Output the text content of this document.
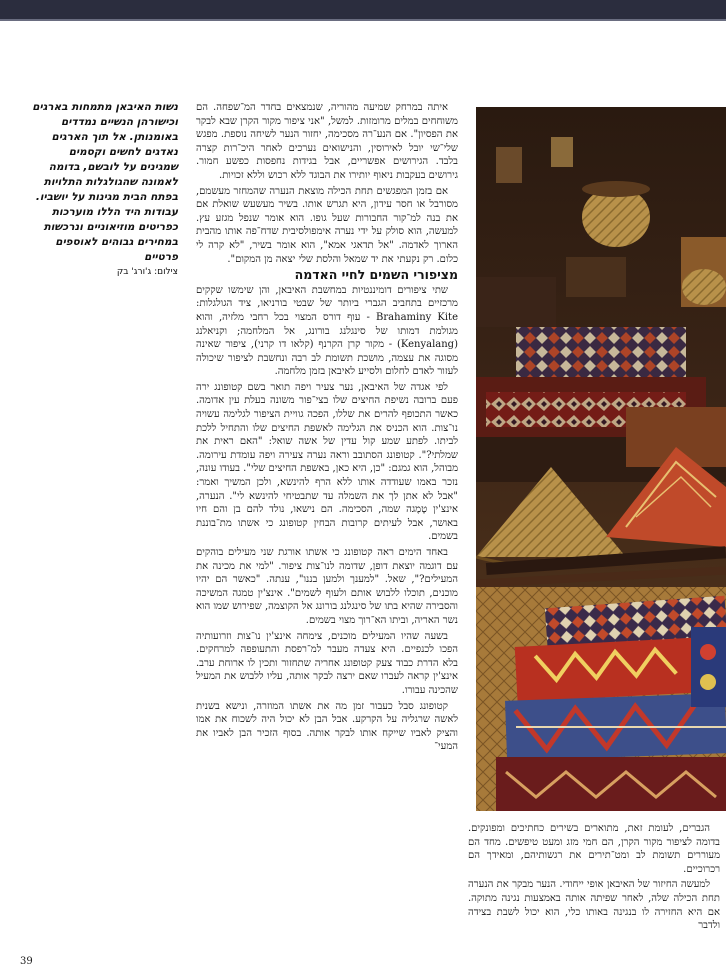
נשות האיבאן מתמחות בארגים וכישורהן הנשיים נמדדים באומנותן. אל תוך הארגים נאדגים לחשים וקסמים שמגינים על לובשם, בדומה לאמונה שהגולגלות התלויות בפתח הבית מגינות על יושביו. עבודות היד הללו מוערכות כפריטים מוזיאוניים ונרכשות במחירים גבוהים לאוספים פרטיים

צילום: ג'ורג' בק

איתה במרחק שמיעה מהוריה, שנמצאים בחדר המ־שפחה. הם משוחחים במלים מרומזות. למשל, "אני ציפור מקור הקרן שבא לבקר את הפסיון". אם הנע־רה מסכימה, יחזור הנער לשיחה נוספת. מפגש שלי־שי יובל לאירוסין, והנישואים נערכים לאחר היכ־רות קצרה בלבד. הגירושים אפשריים, אבל בגידות נחפסות כפשע חמור. גירושים בעקבות ניאוף יותירו את הבוגד ללא רכוש וללא זכויות.

אם בזמן המפגשים תחת הכילה מוצאת הנערה שהמחזר מעשמם, מסורבל או חסר עידון, היא תגרש אותו. בשיר מעשעש שואלת אם את בנה למ־קור החבורות שעל גופו. הוא אומר שנפל מגזע עץ. למעשה, הוא סולק על ידי נערה אימפולסיבית שדח־פה אותו מהבית הארוך לאדמה. "אל תדאגי אמא", הוא אומר בשיר, "לא קרה לי כלום. רק נקעתי את יד שמאל והלסת שלי יצאה מן המקום".

מציפורי השמים לחיי האדמה

שתי ציפורים דומיננטיות במחשבת האיבאן, והן שימשו שקקים מרכזיים בתחביב הגברי ביותר של שבטי בורניאו, ציד הגולגלות: Brahaminy Kite - עוף דורס המצוי בכל רחבי מלזיה, והוא מגולמת דמותו של סינגלנג בורונג, אל המלחמה; וקניאלנג (Kenyalang) - מקור קרן הקרנף (קלאו דו קרני), ציפור שאינה מסוגה את עצמה, מושכת תשומת לב רבה ונחשבת לציפור שיכולה לעזור לאדם לחלום ולסייע לאיבאן בזמן מלחמה.

לפי אגדה של האיבאן, נער צעיר ויפה תואר בשם קטופונג ירה פעם ברובה נשיפת החיצים שלו בצי־פור משונה בעלת עין אדומה. כאשר התכופף להרים את שללו, הפכה גוויית הציפור לגלימה עשויה נו־צות. הוא הכניס את הגלימה לאשפת החיצים שלו והתחיל ללכת לביתו. לפתע שמע קול עדין של אשה שואל: "האם ראית את שמלתי?". קטופונג הסתובב וראה נערה צעירה ויפה עומדת עירומה. מבוהל, הוא גמגם: "כן, היא כאן, באשפת החיצים שלי". בעודו עונה, נזכר באמו שעודדה אותו ללא הרף להינשא, ולכן המשיך ואמר: "אבל לא אתן לך את השמלה עד שתבטיחי להינשא לי". הנערה, אינצ'ין טֶמֶגה שמה, הסכימה. הם נישאו, נולד להם בן והם חיו באושר, אבל לעיתים קרובות הבחין קטופונג כי אשתו מת־בוננת בשמים.

באחד הימים ראה קטופונג כי אשתו אורגת שני מעילים בוהקים עם דוגמה יוצאת דופן, שדומה לנו־צות ציפור. "למי את מכינה את המעילים?", שאל. "למענך ולמען בננו", ענתה. "כאשר הם יהיו מוכנים, תוכלו ללבוש אותם ולעוף לשמים". אינצ'ין טמגה המשיכה והסבירה שהיא בתו של סינגלנג בורונג אל הקוצמה, שפירוש שמו הוא נשר האריה, וביתו הא־רוך מצוי בשמים.

בשעה שהיו המעילים מוכנים, צימחה אינצ'ין נו־צות וזרועותיה הפכו לכנפיים. היא צעדה מעבר למ־רפסת והתעופפה למרחקים. בלא הדרת כבוד צעק קטופונג אחריה שתחזור ותכין לו ארוחת ערב. אינצ'ין קראה לעברו שאם ירצה לבקר אותה, עליו ללבוש את המעיל שהכינה עבורו.

קטופונג סבל כעבור זמן מה את אשתו המוזרה, ונישא בשנית לאשה שרגליה על הקרקע. אבל הבן לא יכול היה לשכוח את אמו והציק לאביו שייקח אותו לבקר אותה. בסוף הזכיר הבן לאביו את המעי־

הגברים, לעומת זאת, מתוארים בשירים כחתיכים ומפונקים. בדומה לציפור מקור הקרן, הם חמי מזג ומעט טיפשים. מחד הם מעוררים תשומת לב ומט־תירים את רגשותיהם, ומאידך הם רכרוכיים.

למעשה החיזור של האיבאן אופי ייחודי. הנער מבקר את הנערה תחת הכילה שלה, לאחר שפיתה אותה באמצעות נגינה מתוקה. אם היא החזירה לו בנגינה באותו כלי, הוא יכול לשבת בצידה ולדבר

39
